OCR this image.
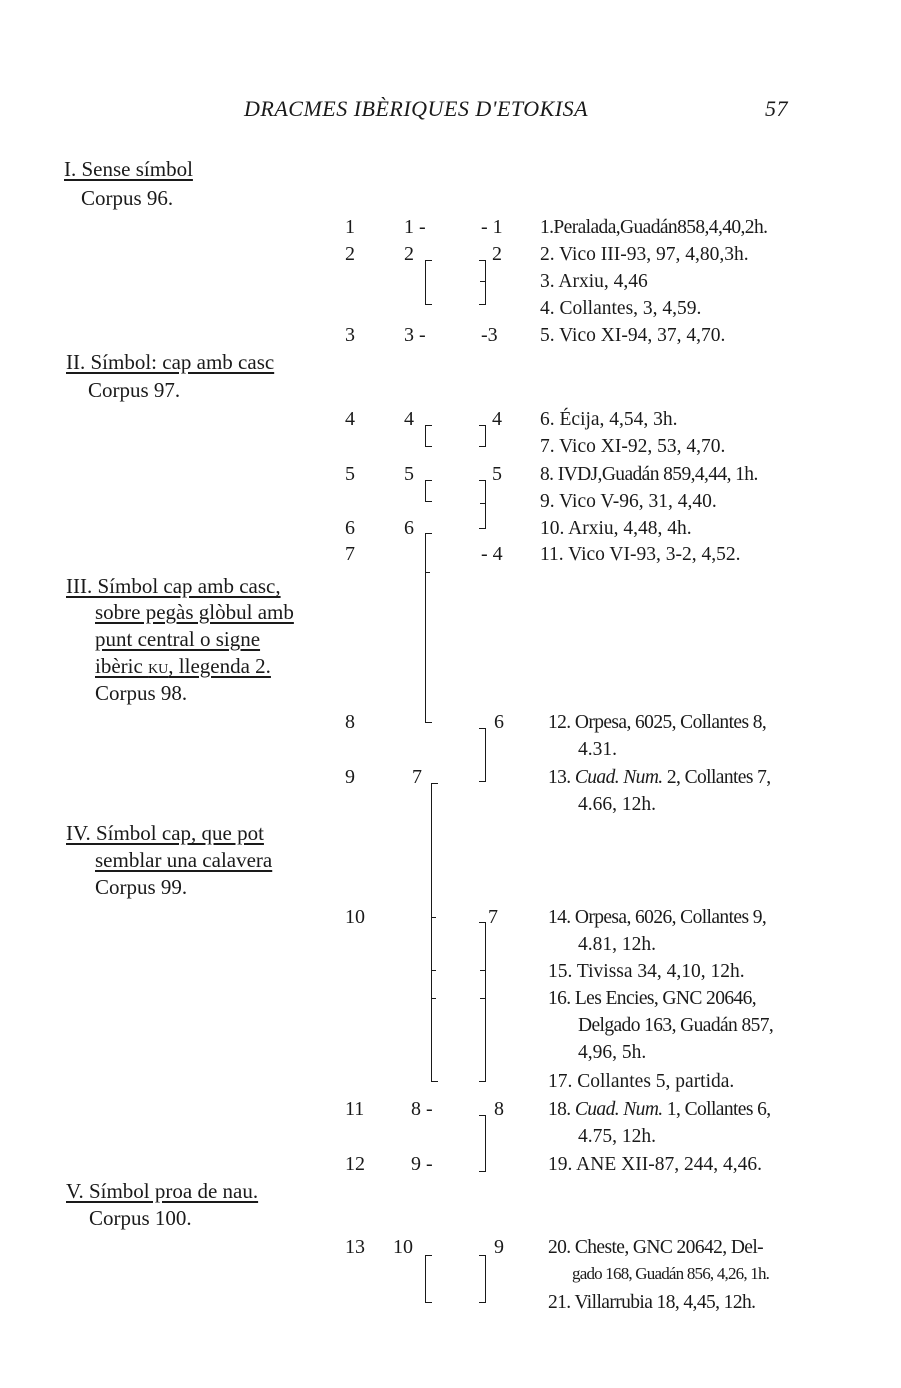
DRACMES IBÈRIQUES D'ETOKISA	57
I. Sense símbol
Corpus 96.
II. Símbol: cap amb casc
Corpus 97.
III. Símbol cap amb casc,
sobre pegàs glòbul amb
punt central o signe
ibèric KU, llegenda 2.
Corpus 98.
IV. Símbol cap, que pot
semblar una calavera
Corpus 99.
V. Símbol proa de nau.
Corpus 100.
1
2
3
4
5
6
7
8
9
10
11
12
13
1 -
2
3 -
4
5
6
7
8 -
9 -
10
- 1
2
-3
4
5
- 4
6
7
8
9
1.Peralada,Guadán858,4,40,2h.
2. Vico III-93, 97, 4,80,3h.
3. Arxiu, 4,46
4. Collantes, 3, 4,59.
5. Vico XI-94, 37, 4,70.
6. Écija, 4,54, 3h.
7. Vico XI-92, 53, 4,70.
8. IVDJ,Guadán 859,4,44, 1h.
9. Vico V-96, 31, 4,40.
10. Arxiu, 4,48, 4h.
11. Vico VI-93, 3-2, 4,52.
12. Orpesa, 6025, Collantes 8,
4.31.
13. Cuad. Num. 2, Collantes 7,
4.66, 12h.
14. Orpesa, 6026, Collantes 9,
4.81, 12h.
15. Tivissa 34, 4,10, 12h.
16. Les Encies, GNC 20646,
Delgado 163, Guadán 857,
4,96, 5h.
17. Collantes 5, partida.
18. Cuad. Num. 1, Collantes 6,
4.75, 12h.
19. ANE XII-87, 244, 4,46.
20. Cheste, GNC 20642, Del-
gado 168, Guadán 856, 4,26, 1h.
21. Villarrubia 18, 4,45, 12h.
